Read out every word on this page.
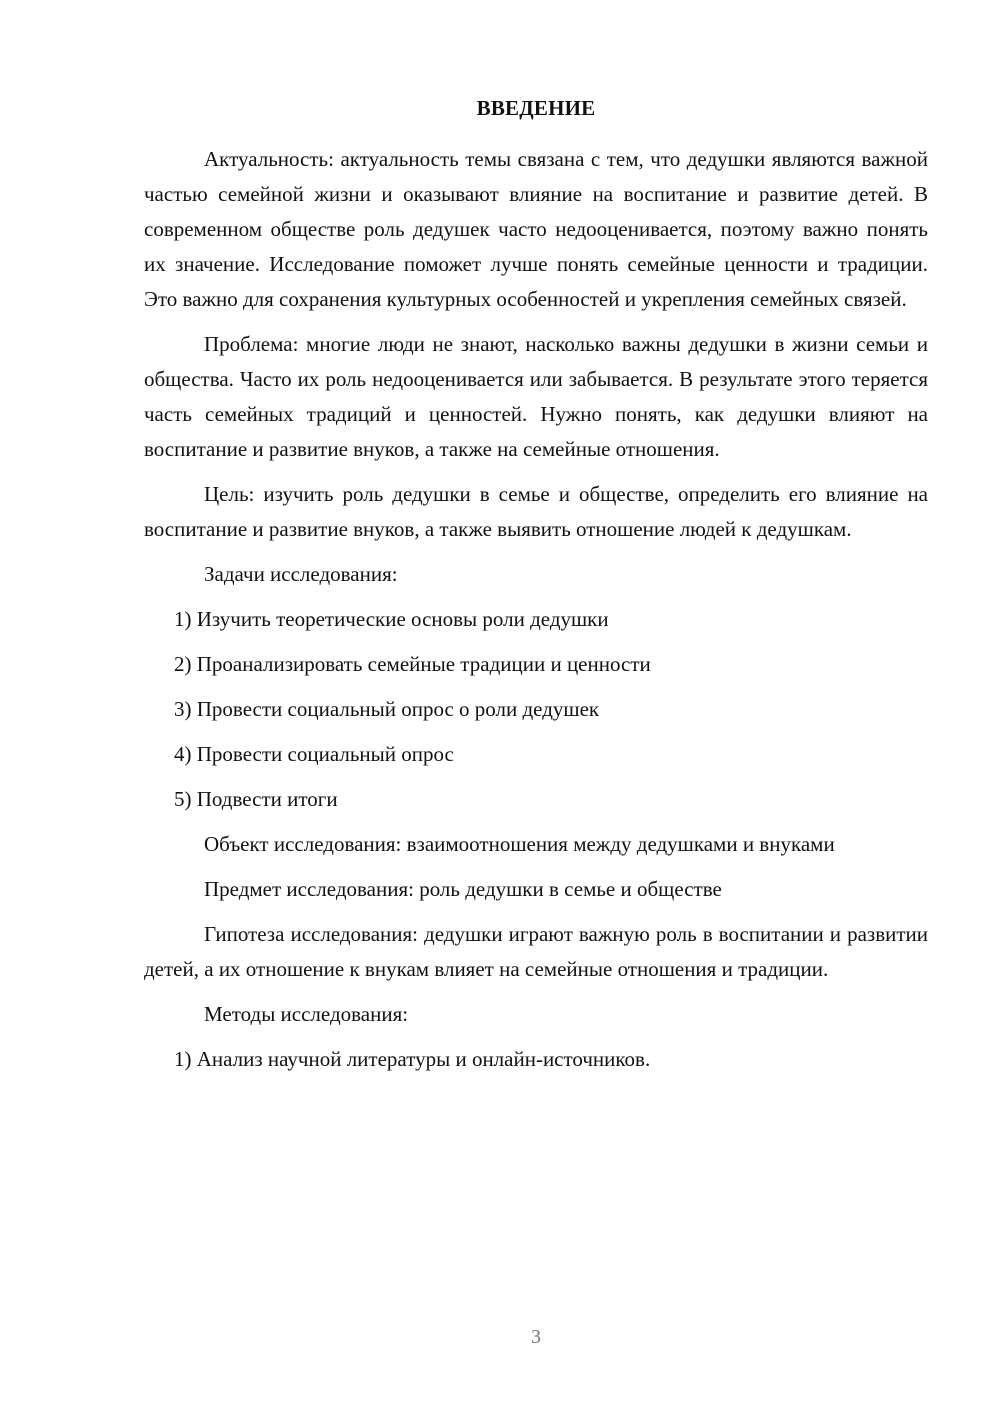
ВВЕДЕНИЕ

Актуальность: актуальность темы связана с тем, что дедушки являются важной частью семейной жизни и оказывают влияние на воспитание и развитие детей. В современном обществе роль дедушек часто недооценивается, поэтому важно понять их значение. Исследование поможет лучше понять семейные ценности и традиции. Это важно для сохранения культурных особенностей и укрепления семейных связей.

Проблема: многие люди не знают, насколько важны дедушки в жизни семьи и общества. Часто их роль недооценивается или забывается. В результате этого теряется часть семейных традиций и ценностей. Нужно понять, как дедушки влияют на воспитание и развитие внуков, а также на семейные отношения.

Цель: изучить роль дедушки в семье и обществе, определить его влияние на воспитание и развитие внуков, а также выявить отношение людей к дедушкам.

Задачи исследования:

1) Изучить теоретические основы роли дедушки

2) Проанализировать семейные традиции и ценности

3) Провести социальный опрос о роли дедушек

4) Провести социальный опрос

5) Подвести итоги

Объект исследования: взаимоотношения между дедушками и внуками

Предмет исследования: роль дедушки в семье и обществе

Гипотеза исследования: дедушки играют важную роль в воспитании и развитии детей, а их отношение к внукам влияет на семейные отношения и традиции.

Методы исследования:

1) Анализ научной литературы и онлайн-источников.

3
